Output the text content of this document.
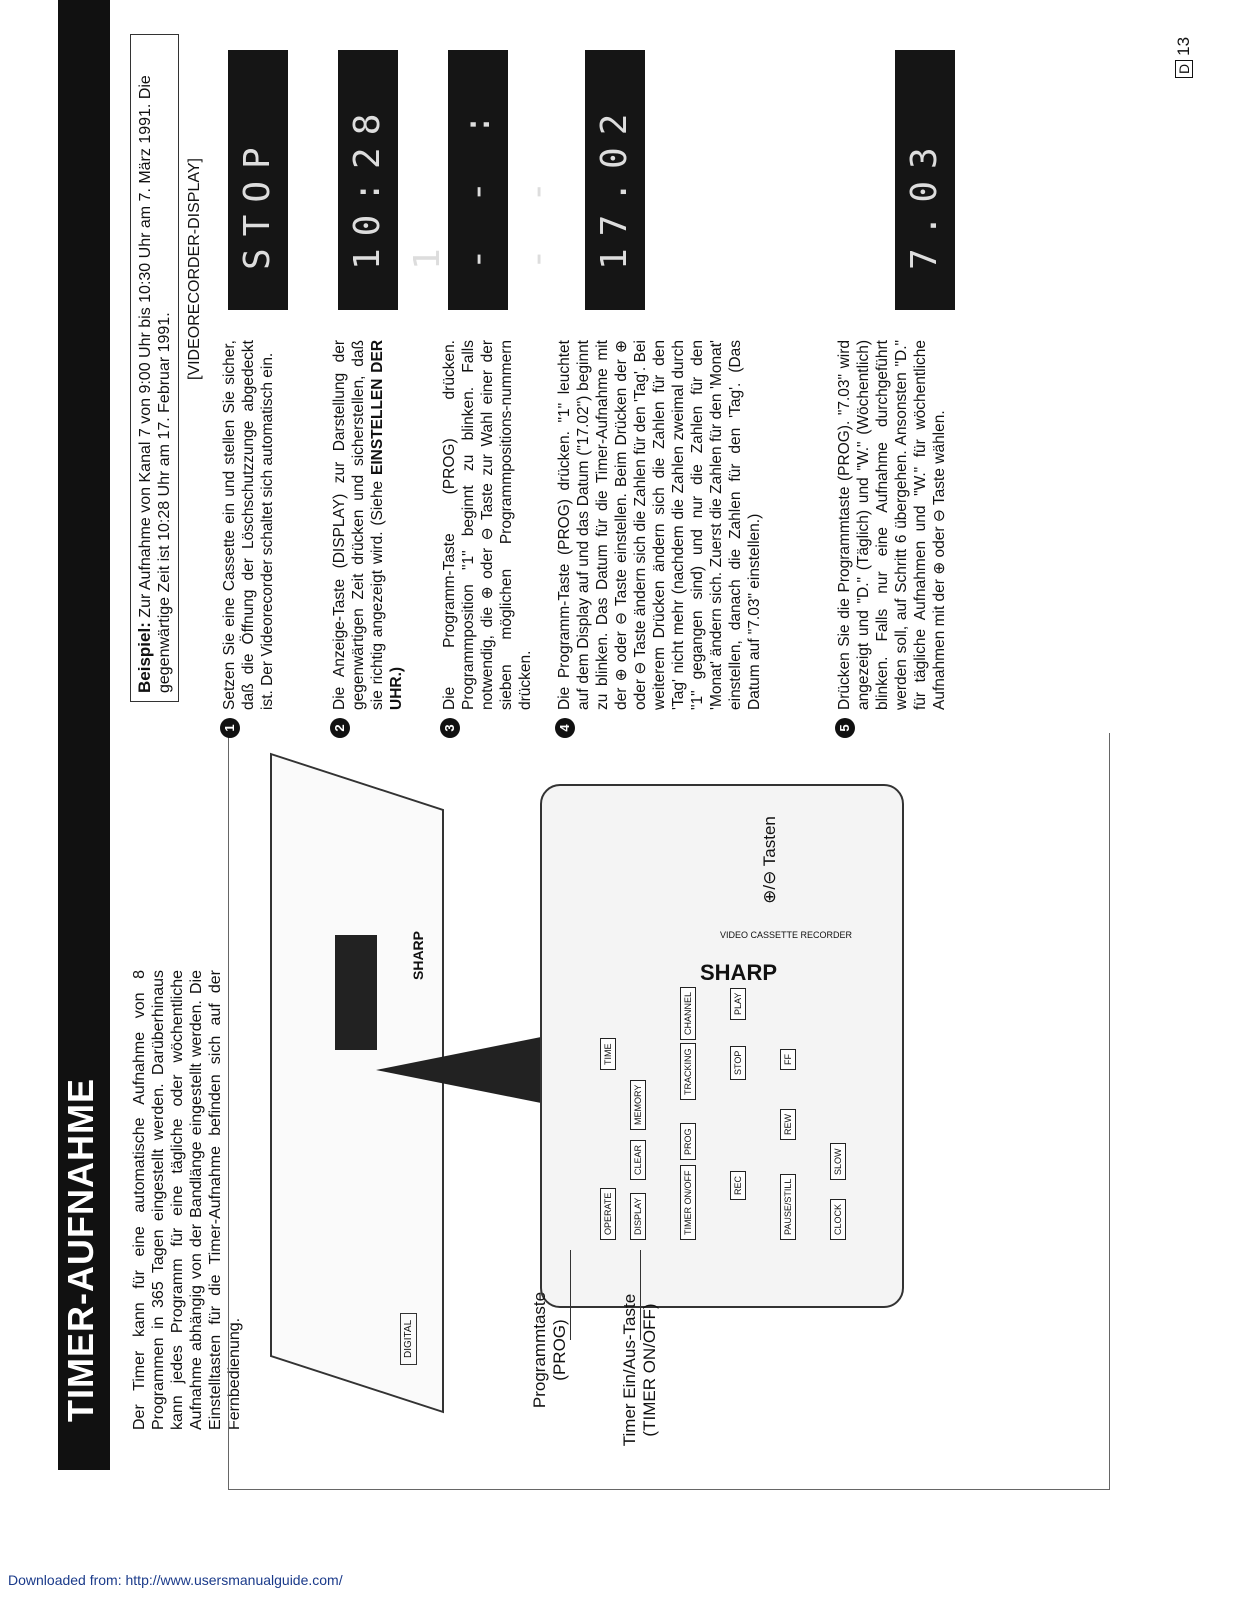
TIMER-AUFNAHME Der Timer kann für eine automatische Aufnahme von 8 Programmen in 365 Tagen eingestellt werden. Darüberhinaus kann jedes Programm für eine tägliche oder wöchentliche Aufnahme abhängig von der Bandlänge eingestellt werden. Die Einstelltasten für die Timer-Aufnahme befinden sich auf der Fernbedienung.
SHARP
DIGITAL
OPERATE	DISPLAY
CLEAR
MEMORY
TIME
TIMER ON/OFF
PROG
REC
STOP
PLAY
REW
FF
PAUSE/STILL
SLOW
CLOCK
TRACKING
CHANNEL
SHARP
VIDEO CASSETTE RECORDER
Programmtaste (PROG)	Timer Ein/Aus-Taste (TIMER ON/OFF)
⊕/⊖ Tasten
Beispiel: Zur Aufnahme von Kanal 7 von 9:00 Uhr bis 10:30 Uhr am 7. März 1991. Die gegenwärtige Zeit ist 10:28 Uhr am 17. Februar 1991.
[VIDEORECORDER-DISPLAY]
1
Setzen Sie eine Cassette ein und stellen Sie sicher, daß die Öffnung der Löschschutzzunge abgedeckt ist. Der Videorecorder schaltet sich automatisch ein.
STOP
2
Die Anzeige-Taste (DISPLAY) zur Darstellung der gegenwärtigen Zeit drücken und sicherstellen, daß sie richtig angezeigt wird. (Siehe EINSTELLEN DER UHR.)
10:28 1
3
Die Programm-Taste (PROG) drücken. Programmposition "1" beginnt zu blinken. Falls notwendig, die ⊕ oder ⊖ Taste zur Wahl einer der sieben möglichen Programmpositions-nummern drücken.
- - : - -
4
Die Programm-Taste (PROG) drücken. "1" leuchtet auf dem Display auf und das Datum ("17.02") beginnt zu blinken. Das Datum für die Timer-Aufnahme mit der ⊕ oder ⊖ Taste einstellen. Beim Drücken der ⊕ oder ⊖ Taste ändern sich die Zahlen für den 'Tag'. Bei weiterem Drücken ändern sich die Zahlen für den 'Tag' nicht mehr (nachdem die Zahlen zweimal durch "1" gegangen sind) und nur die Zahlen für den 'Monat' ändern sich. Zuerst die Zahlen für den 'Monat' einstellen, danach die Zahlen für den 'Tag'. (Das Datum auf "7.03" einstellen.)
17.02
5
Drücken Sie die Programmtaste (PROG). "7.03" wird angezeigt und "D." (Täglich) und "W." (Wöchentlich) blinken. Falls nur eine Aufnahme durchgeführt werden soll, auf Schritt 6 übergehen. Ansonsten "D." für tägliche Aufnahmen und "W." für wöchentliche Aufnahmen mit der ⊕ oder ⊖ Taste wählen.
7.03
D13
Downloaded from: http://www.usersmanualguide.com/
